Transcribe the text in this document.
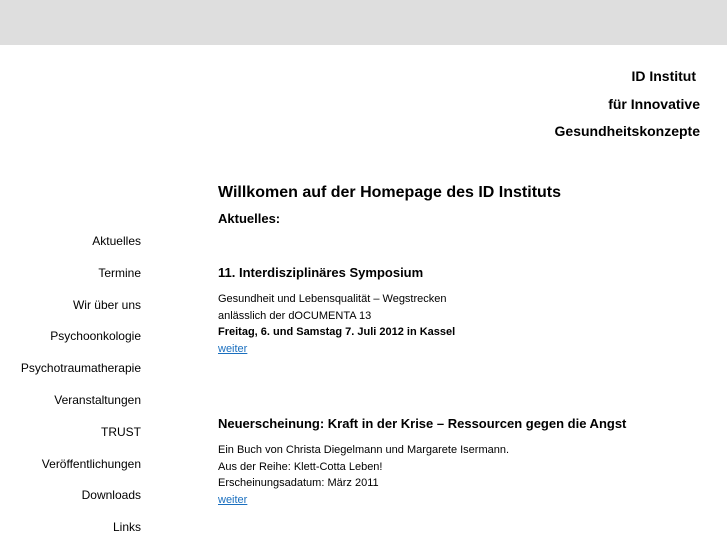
ID Institut
für Innovative
Gesundheitskonzepte
Aktuelles
Termine
Wir über uns
Psychoonkologie
Psychotraumatherapie
Veranstaltungen
TRUST
Veröffentlichungen
Downloads
Links
Willkomen auf der Homepage des ID Instituts
Aktuelles:
11. Interdisziplinäres Symposium
Gesundheit und Lebensqualität – Wegstrecken
anlässlich der dOCUMENTA 13
Freitag, 6. und Samstag 7. Juli 2012 in Kassel
weiter
Neuerscheinung: Kraft in der Krise – Ressourcen gegen die Angst
Ein Buch von Christa Diegelmann und Margarete Isermann.
Aus der Reihe: Klett-Cotta Leben!
Erscheinungsadatum: März 2011
weiter
